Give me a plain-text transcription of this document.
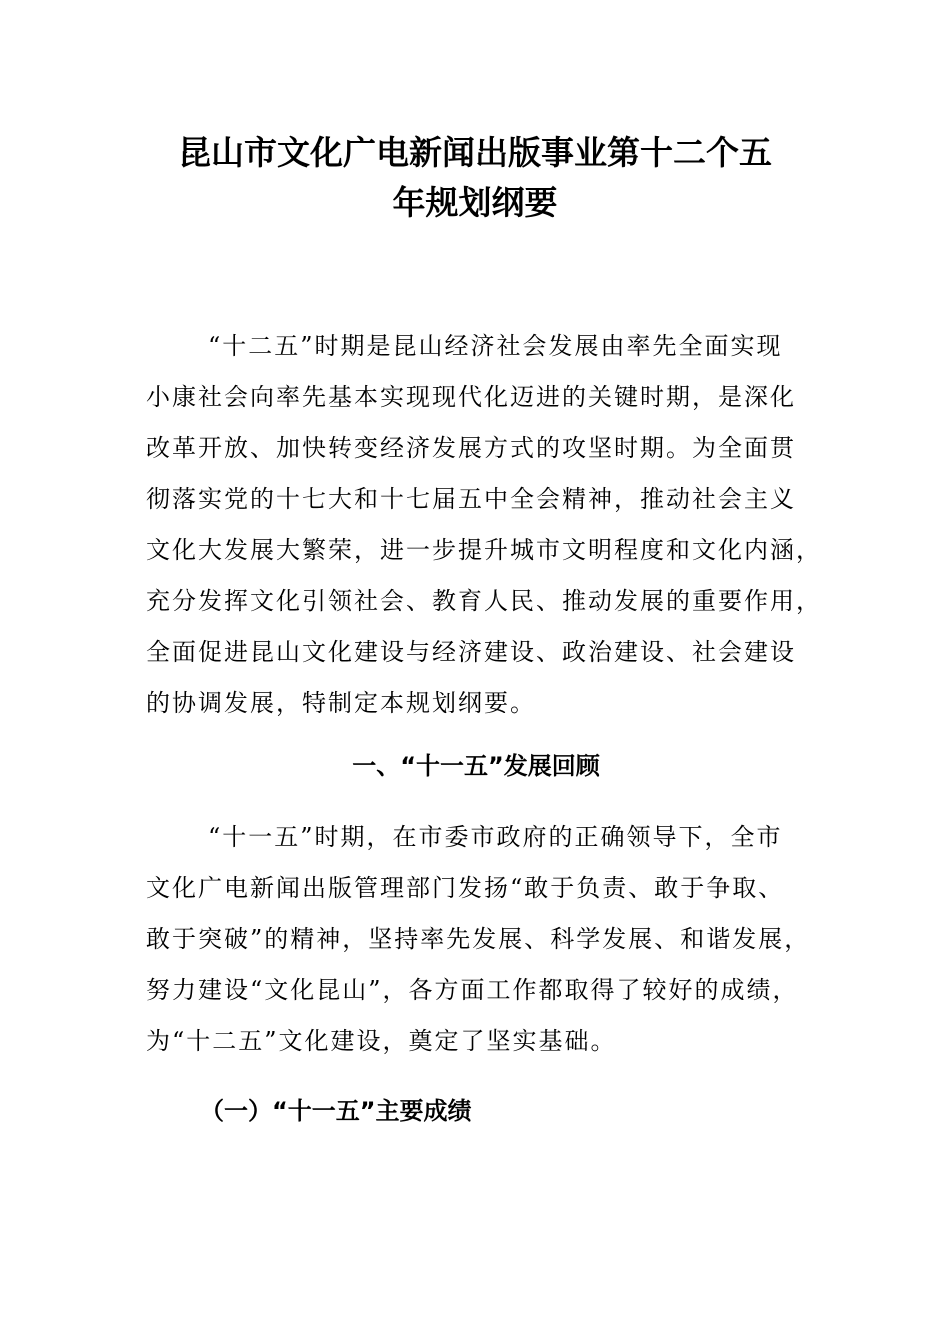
昆山市文化广电新闻出版事业第十二个五
年规划纲要

“十二五”时期是昆山经济社会发展由率先全面实现
小康社会向率先基本实现现代化迈进的关键时期，是深化
改革开放、加快转变经济发展方式的攻坚时期。为全面贯
彻落实党的十七大和十七届五中全会精神，推动社会主义
文化大发展大繁荣，进一步提升城市文明程度和文化内涵，
充分发挥文化引领社会、教育人民、推动发展的重要作用，
全面促进昆山文化建设与经济建设、政治建设、社会建设
的协调发展，特制定本规划纲要。

一、“十一五”发展回顾

“十一五”时期，在市委市政府的正确领导下，全市
文化广电新闻出版管理部门发扬“敢于负责、敢于争取、
敢于突破”的精神，坚持率先发展、科学发展、和谐发展，
努力建设“文化昆山”，各方面工作都取得了较好的成绩，
为“十二五”文化建设，奠定了坚实基础。

（一）“十一五”主要成绩
